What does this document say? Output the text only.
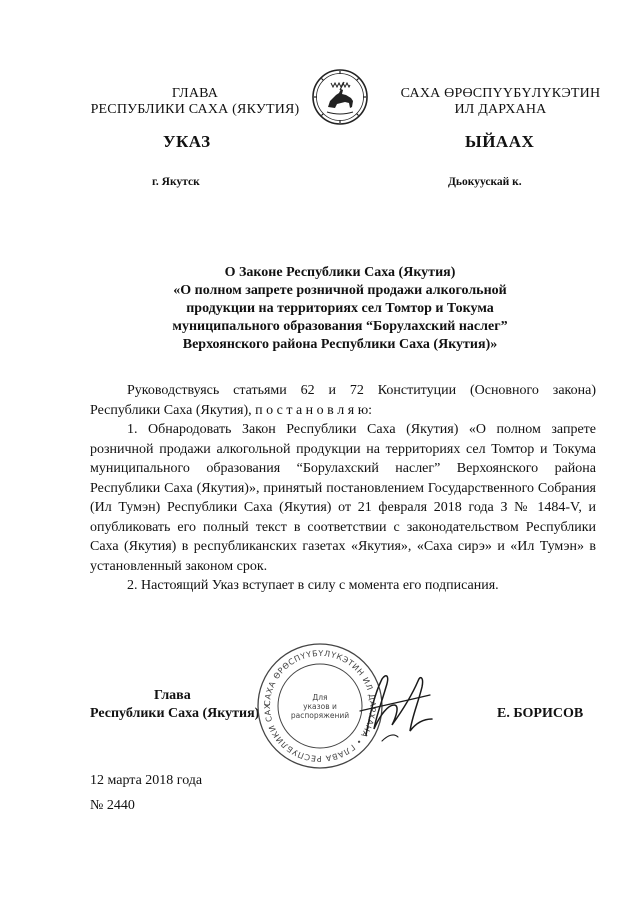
ГЛАВА
РЕСПУБЛИКИ САХА (ЯКУТИЯ)
САХА ӨРӨСПҮҮБҮЛҮКЭТИН
ИЛ ДАРХАНА
УКАЗ	ЫЙААХ
г. Якутск	Дьокуускай к.
О Законе Республики Саха (Якутия)
«О полном запрете розничной продажи алкогольной
продукции на территориях сел Томтор и Токума
муниципального образования “Борулахский наслег”
Верхоянского района Республики Саха (Якутия)»

Руководствуясь статьями 62 и 72 Конституции (Основного закона) Республики Саха (Якутия), п о с т а н о в л я ю:

1. Обнародовать Закон Республики Саха (Якутия) «О полном запрете розничной продажи алкогольной продукции на территориях сел Томтор и Токума муниципального образования “Борулахский наслег” Верхоянского района Республики Саха (Якутия)», принятый постановлением Государственного Собрания (Ил Тумэн) Республики Саха (Якутия) от 21 февраля 2018 года З № 1484-V, и опубликовать его полный текст в соответствии с законодательством Республики Саха (Якутия) в республиканских газетах «Якутия», «Саха сирэ» и «Ил Тумэн» в установленный законом срок.

2. Настоящий Указ вступает в силу с момента его подписания.

Глава
Республики Саха (Якутия)
САХА ӨРӨСПҮҮБҮЛҮКЭТИН ИЛ ДАРХАНА • ГЛАВА РЕСПУБЛИКИ САХ
Для
указов и
распоряжений	Е. БОРИСОВ
12 марта 2018 года
№ 2440
